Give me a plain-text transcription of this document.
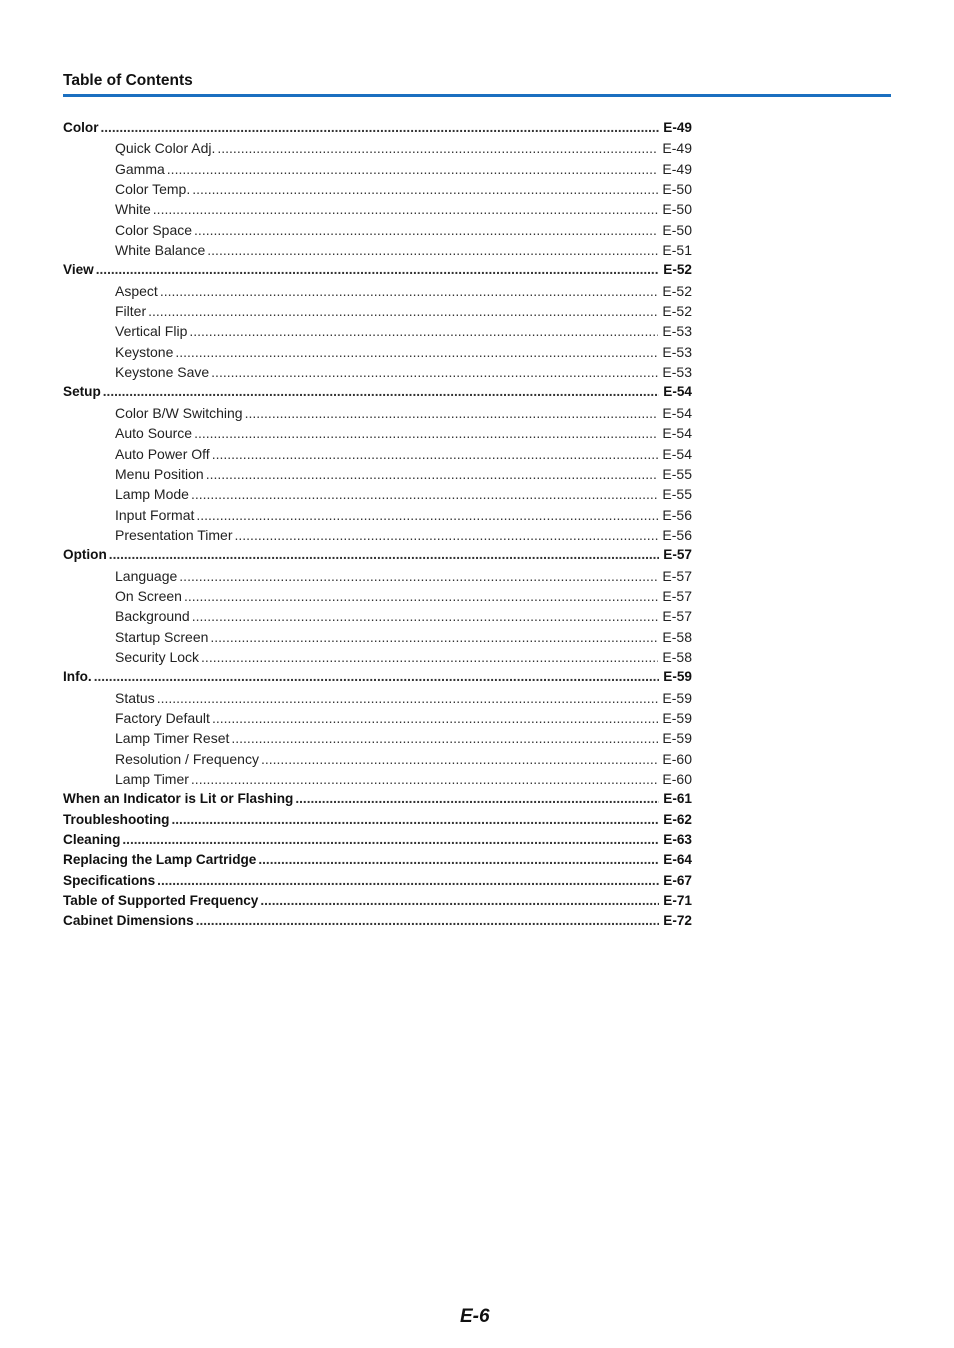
Table of Contents
Color .....	E-49
Quick Color Adj. .....	E-49
Gamma .....	E-49
Color Temp. .....	E-50
White .....	E-50
Color Space .....	E-50
White Balance .....	E-51
View .....	E-52
Aspect .....	E-52
Filter .....	E-52
Vertical Flip .....	E-53
Keystone .....	E-53
Keystone Save .....	E-53
Setup .....	E-54
Color B/W Switching .....	E-54
Auto Source .....	E-54
Auto Power Off .....	E-54
Menu Position .....	E-55
Lamp Mode .....	E-55
Input Format .....	E-56
Presentation Timer .....	E-56
Option .....	E-57
Language .....	E-57
On Screen .....	E-57
Background .....	E-57
Startup Screen .....	E-58
Security Lock .....	E-58
Info. .....	E-59
Status .....	E-59
Factory Default .....	E-59
Lamp Timer Reset .....	E-59
Resolution / Frequency .....	E-60
Lamp Timer .....	E-60
When an Indicator is Lit or Flashing .....	E-61
Troubleshooting .....	E-62
Cleaning .....	E-63
Replacing the Lamp Cartridge .....	E-64
Specifications .....	E-67
Table of Supported Frequency .....	E-71
Cabinet Dimensions .....	E-72
E-6
